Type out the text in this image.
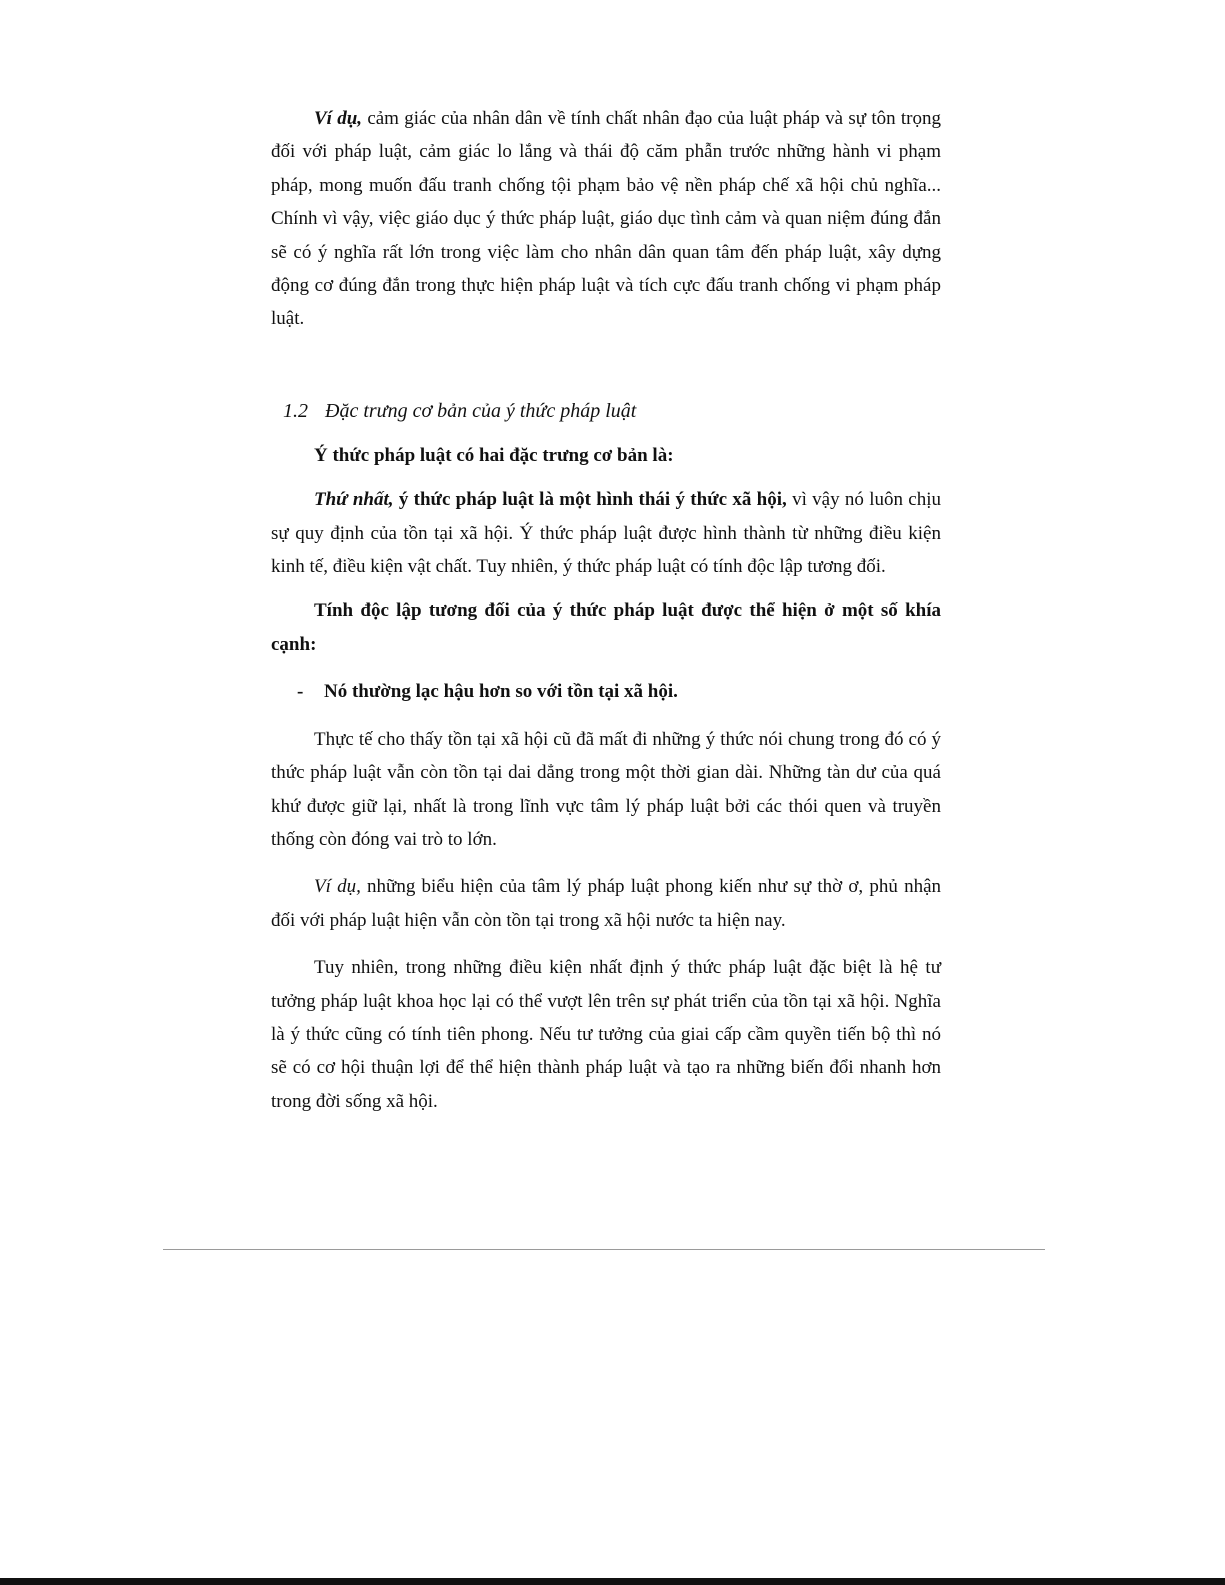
Ví dụ, cảm giác của nhân dân về tính chất nhân đạo của luật pháp và sự tôn trọng đối với pháp luật, cảm giác lo lắng và thái độ căm phẫn trước những hành vi phạm pháp, mong muốn đấu tranh chống tội phạm bảo vệ nền pháp chế xã hội chủ nghĩa... Chính vì vậy, việc giáo dục ý thức pháp luật, giáo dục tình cảm và quan niệm đúng đắn sẽ có ý nghĩa rất lớn trong việc làm cho nhân dân quan tâm đến pháp luật, xây dựng động cơ đúng đắn trong thực hiện pháp luật và tích cực đấu tranh chống vi phạm pháp luật.

1.2 Đặc trưng cơ bản của ý thức pháp luật

Ý thức pháp luật có hai đặc trưng cơ bản là:

Thứ nhất, ý thức pháp luật là một hình thái ý thức xã hội, vì vậy nó luôn chịu sự quy định của tồn tại xã hội. Ý thức pháp luật được hình thành từ những điều kiện kinh tế, điều kiện vật chất. Tuy nhiên, ý thức pháp luật có tính độc lập tương đối.

Tính độc lập tương đối của ý thức pháp luật được thể hiện ở một số khía cạnh:

- Nó thường lạc hậu hơn so với tồn tại xã hội.

Thực tế cho thấy tồn tại xã hội cũ đã mất đi những ý thức nói chung trong đó có ý thức pháp luật vẫn còn tồn tại dai dẳng trong một thời gian dài. Những tàn dư của quá khứ được giữ lại, nhất là trong lĩnh vực tâm lý pháp luật bởi các thói quen và truyền thống còn đóng vai trò to lớn.

Ví dụ, những biểu hiện của tâm lý pháp luật phong kiến như sự thờ ơ, phủ nhận đối với pháp luật hiện vẫn còn tồn tại trong xã hội nước ta hiện nay.

Tuy nhiên, trong những điều kiện nhất định ý thức pháp luật đặc biệt là hệ tư tưởng pháp luật khoa học lại có thể vượt lên trên sự phát triển của tồn tại xã hội. Nghĩa là ý thức cũng có tính tiên phong. Nếu tư tưởng của giai cấp cầm quyền tiến bộ thì nó sẽ có cơ hội thuận lợi để thể hiện thành pháp luật và tạo ra những biến đổi nhanh hơn trong đời sống xã hội.
